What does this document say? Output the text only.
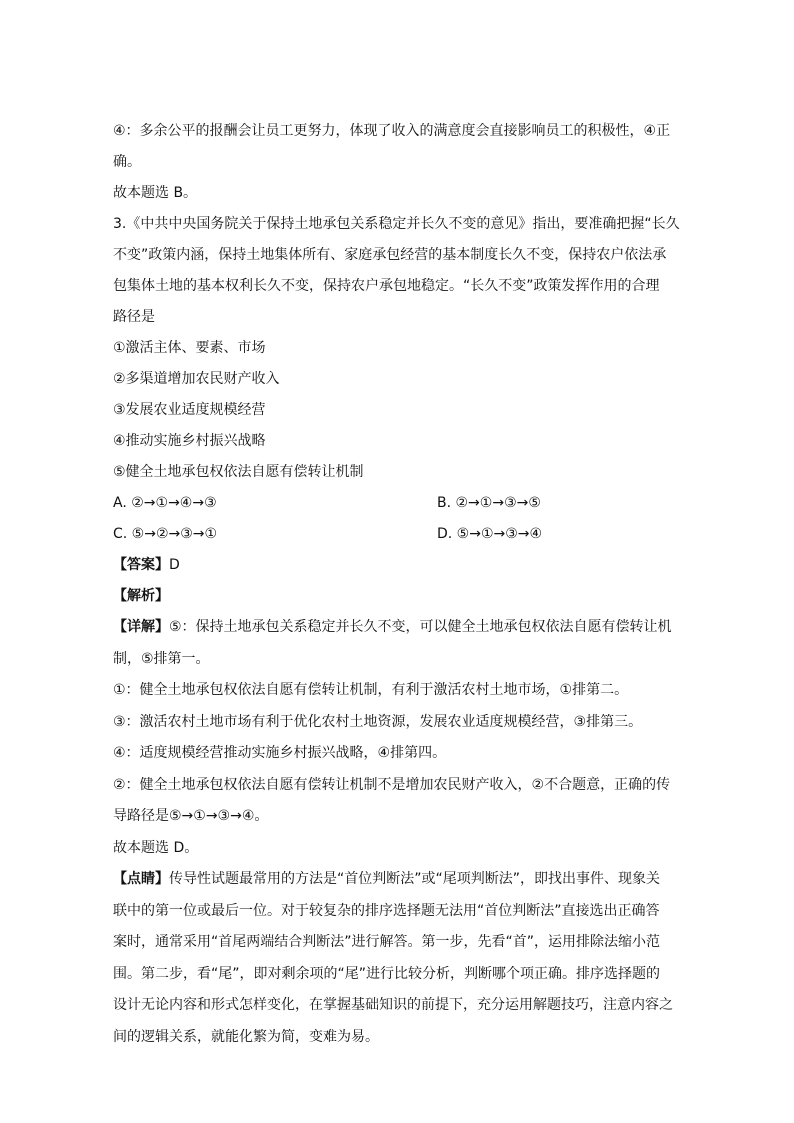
④：多余公平的报酬会让员工更努力，体现了收入的满意度会直接影响员工的积极性，④正
确。
故本题选 B。
3.《中共中央国务院关于保持土地承包关系稳定并长久不变的意见》指出，要准确把握“长久
不变”政策内涵，保持土地集体所有、家庭承包经营的基本制度长久不变，保持农户依法承
包集体土地的基本权利长久不变，保持农户承包地稳定。“长久不变”政策发挥作用的合理
路径是
①激活主体、要素、市场
②多渠道增加农民财产收入
③发展农业适度规模经营
④推动实施乡村振兴战略
⑤健全土地承包权依法自愿有偿转让机制
A. ②→①→④→③	B. ②→①→③→⑤
C. ⑤→②→③→①	D. ⑤→①→③→④
【答案】D
【解析】
【详解】⑤：保持土地承包关系稳定并长久不变，可以健全土地承包权依法自愿有偿转让机
制，⑤排第一。
①：健全土地承包权依法自愿有偿转让机制，有利于激活农村土地市场，①排第二。
③：激活农村土地市场有利于优化农村土地资源，发展农业适度规模经营，③排第三。
④：适度规模经营推动实施乡村振兴战略，④排第四。
②：健全土地承包权依法自愿有偿转让机制不是增加农民财产收入，②不合题意，正确的传
导路径是⑤→①→③→④。
故本题选 D。
【点睛】传导性试题最常用的方法是“首位判断法”或“尾项判断法”，即找出事件、现象关
联中的第一位或最后一位。对于较复杂的排序选择题无法用“首位判断法”直接选出正确答
案时，通常采用“首尾两端结合判断法”进行解答。第一步，先看“首”，运用排除法缩小范
围。第二步，看“尾”，即对剩余项的“尾”进行比较分析，判断哪个项正确。排序选择题的
设计无论内容和形式怎样变化，在掌握基础知识的前提下，充分运用解题技巧，注意内容之
间的逻辑关系，就能化繁为简，变难为易。
